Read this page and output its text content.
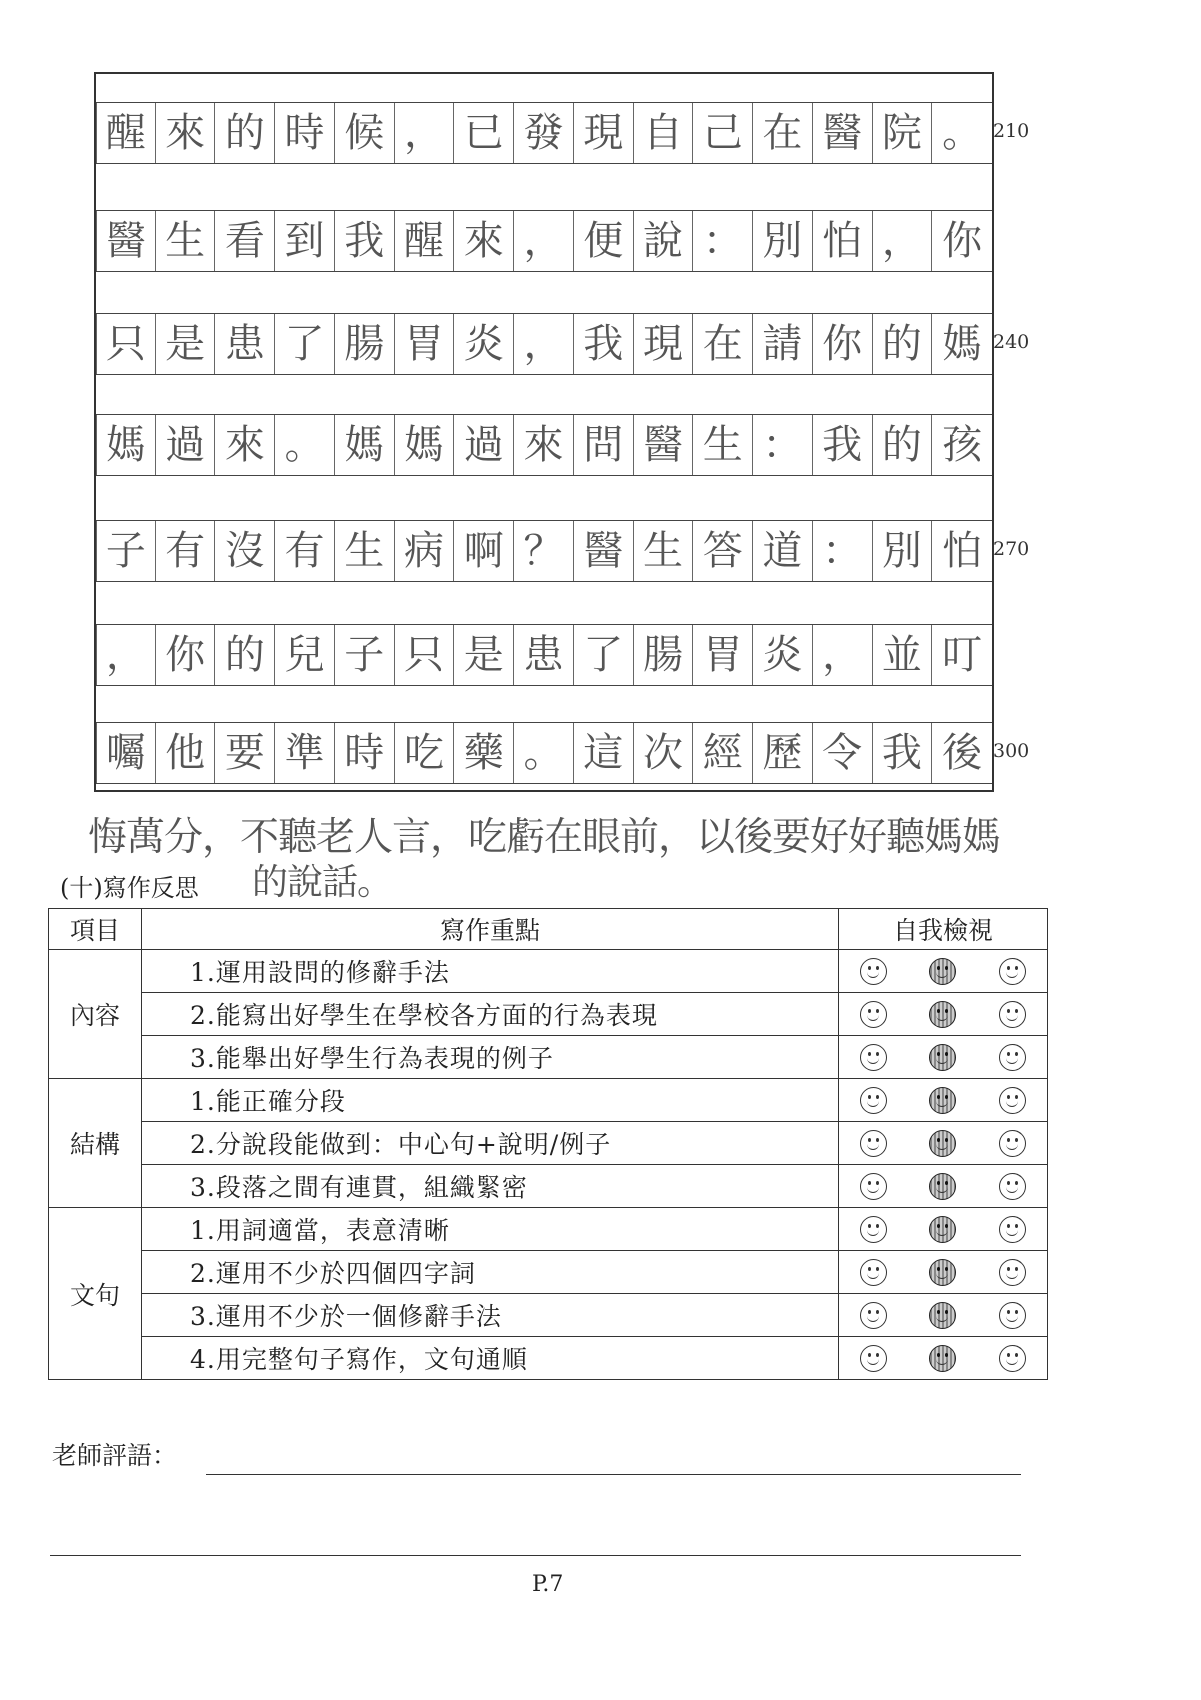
醒 來 的 時 候 ， 已 發 現 自 己 在 醫 院 。
醫 生 看 到 我 醒 來 ， 便 說 ： 別 怕 ， 你
只 是 患 了 腸 胃 炎 ， 我 現 在 請 你 的 媽
媽 過 來 。 媽 媽 過 來 問 醫 生 ： 我 的 孩
子 有 沒 有 生 病 啊 ？ 醫 生 答 道 ： 別 怕
， 你 的 兒 子 只 是 患 了 腸 胃 炎 ， 並 叮
囑 他 要 準 時 吃 藥 。 這 次 經 歷 令 我 後
210
240
270
300
悔萬分，不聽老人言，吃虧在眼前，以後要好好聽媽媽
的說話。
(十)寫作反思
項目	寫作重點	自我檢視
內容	1.運用設問的修辭手法	

	2.能寫出好學生在學校各方面的行為表現	

	3.能舉出好學生行為表現的例子	

結構	1.能正確分段	

	2.分說段能做到：中心句+說明/例子	

	3.段落之間有連貫，組織緊密	

文句	1.用詞適當，表意清晰	

	2.運用不少於四個四字詞	

	3.運用不少於一個修辭手法	

	4.用完整句子寫作，文句通順	
老師評語：
P.7
